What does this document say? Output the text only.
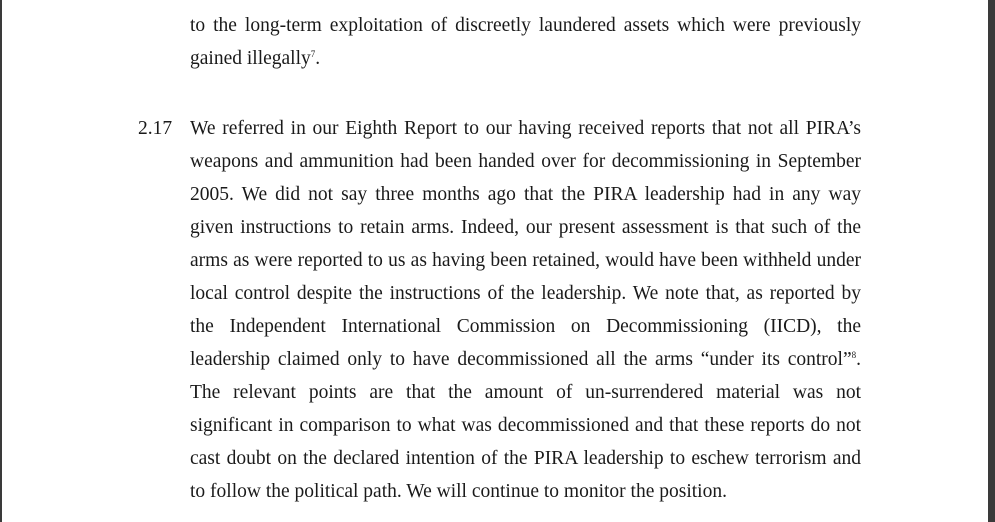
to the long-term exploitation of discreetly laundered assets which were previously
gained illegally$^7$.
2.17 We referred in our Eighth Report to our having received reports that not all PIRA’s
weapons and ammunition had been handed over for decommissioning in September
2005. We did not say three months ago that the PIRA leadership had in any way
given instructions to retain arms. Indeed, our present assessment is that such of the
arms as were reported to us as having been retained, would have been withheld under
local control despite the instructions of the leadership. We note that, as reported by
the Independent International Commission on Decommissioning (IICD), the
leadership claimed only to have decommissioned all the arms “under its control”$^8$.
The relevant points are that the amount of un-surrendered material was not
significant in comparison to what was decommissioned and that these reports do not
cast doubt on the declared intention of the PIRA leadership to eschew terrorism and
to follow the political path. We will continue to monitor the position.
